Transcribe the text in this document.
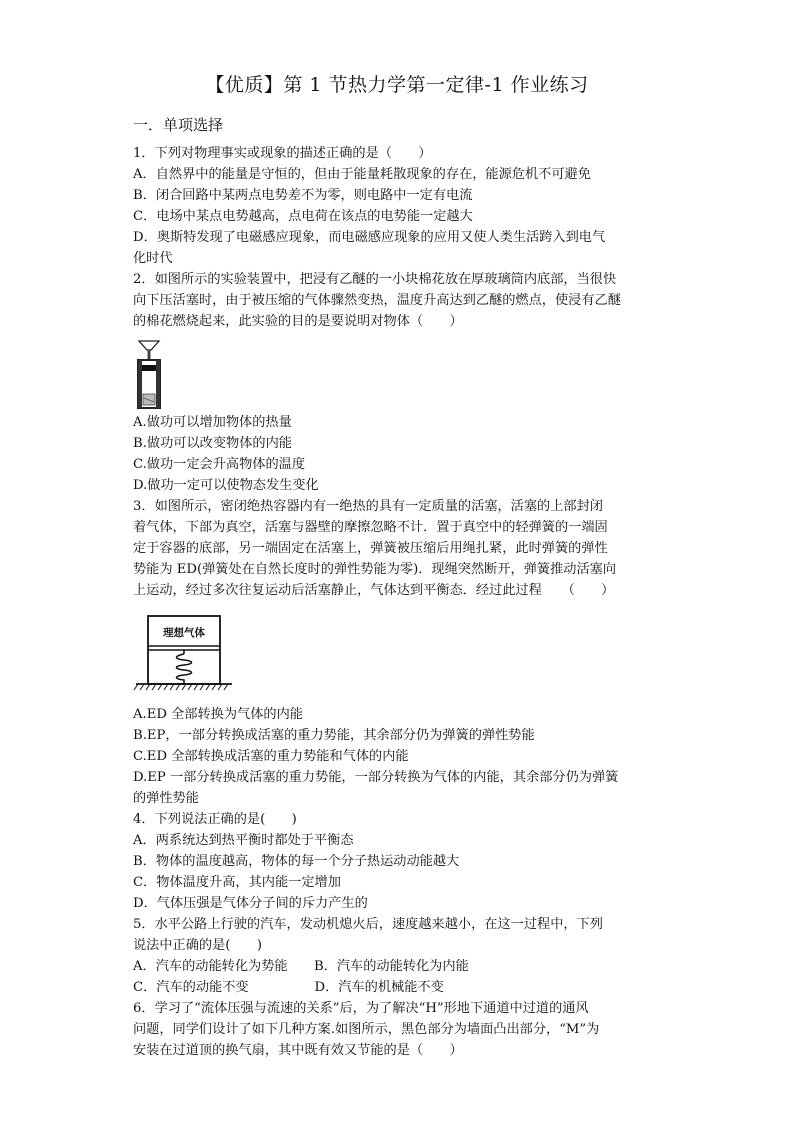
【优质】第 1 节热力学第一定律-1 作业练习
一．单项选择
1．下列对物理事实或现象的描述正确的是（　　）
A．自然界中的能量是守恒的，但由于能量耗散现象的存在，能源危机不可避免
B．闭合回路中某两点电势差不为零，则电路中一定有电流
C．电场中某点电势越高，点电荷在该点的电势能一定越大
D．奥斯特发现了电磁感应现象，而电磁感应现象的应用又使人类生活跨入到电气
化时代
2．如图所示的实验装置中，把浸有乙醚的一小块棉花放在厚玻璃筒内底部，当很快
向下压活塞时，由于被压缩的气体骤然变热，温度升高达到乙醚的燃点，使浸有乙醚
的棉花燃烧起来，此实验的目的是要说明对物体（　　）
A.做功可以增加物体的热量
B.做功可以改变物体的内能
C.做功一定会升高物体的温度
D.做功一定可以使物态发生变化
3．如图所示，密闭绝热容器内有一绝热的具有一定质量的活塞，活塞的上部封闭
着气体，下部为真空，活塞与器壁的摩擦忽略不计．置于真空中的轻弹簧的一端固
定于容器的底部，另一端固定在活塞上，弹簧被压缩后用绳扎紧，此时弹簧的弹性
势能为 ED(弹簧处在自然长度时的弹性势能为零)．现绳突然断开，弹簧推动活塞向
上运动，经过多次往复运动后活塞静止，气体达到平衡态．经过此过程　　（　　）
理想气体
A.ED 全部转换为气体的内能
B.EP，一部分转换成活塞的重力势能，其余部分仍为弹簧的弹性势能
C.ED 全部转换成活塞的重力势能和气体的内能
D.EP 一部分转换成活塞的重力势能，一部分转换为气体的内能，其余部分仍为弹簧
的弹性势能
4．下列说法正确的是(　　)
A．两系统达到热平衡时都处于平衡态
B．物体的温度越高，物体的每一个分子热运动动能越大
C．物体温度升高，其内能一定增加
D．气体压强是气体分子间的斥力产生的
5．水平公路上行驶的汽车，发动机熄火后，速度越来越小，在这一过程中，下列
说法中正确的是(　　)
A．汽车的动能转化为势能　　B．汽车的动能转化为内能
C．汽车的动能不变　　　　　D．汽车的机械能不变
6．学习了“流体压强与流速的关系”后，为了解决“H”形地下通道中过道的通风
问题，同学们设计了如下几种方案.如图所示，黑色部分为墙面凸出部分，“M”为
安装在过道顶的换气扇，其中既有效又节能的是（　　）
